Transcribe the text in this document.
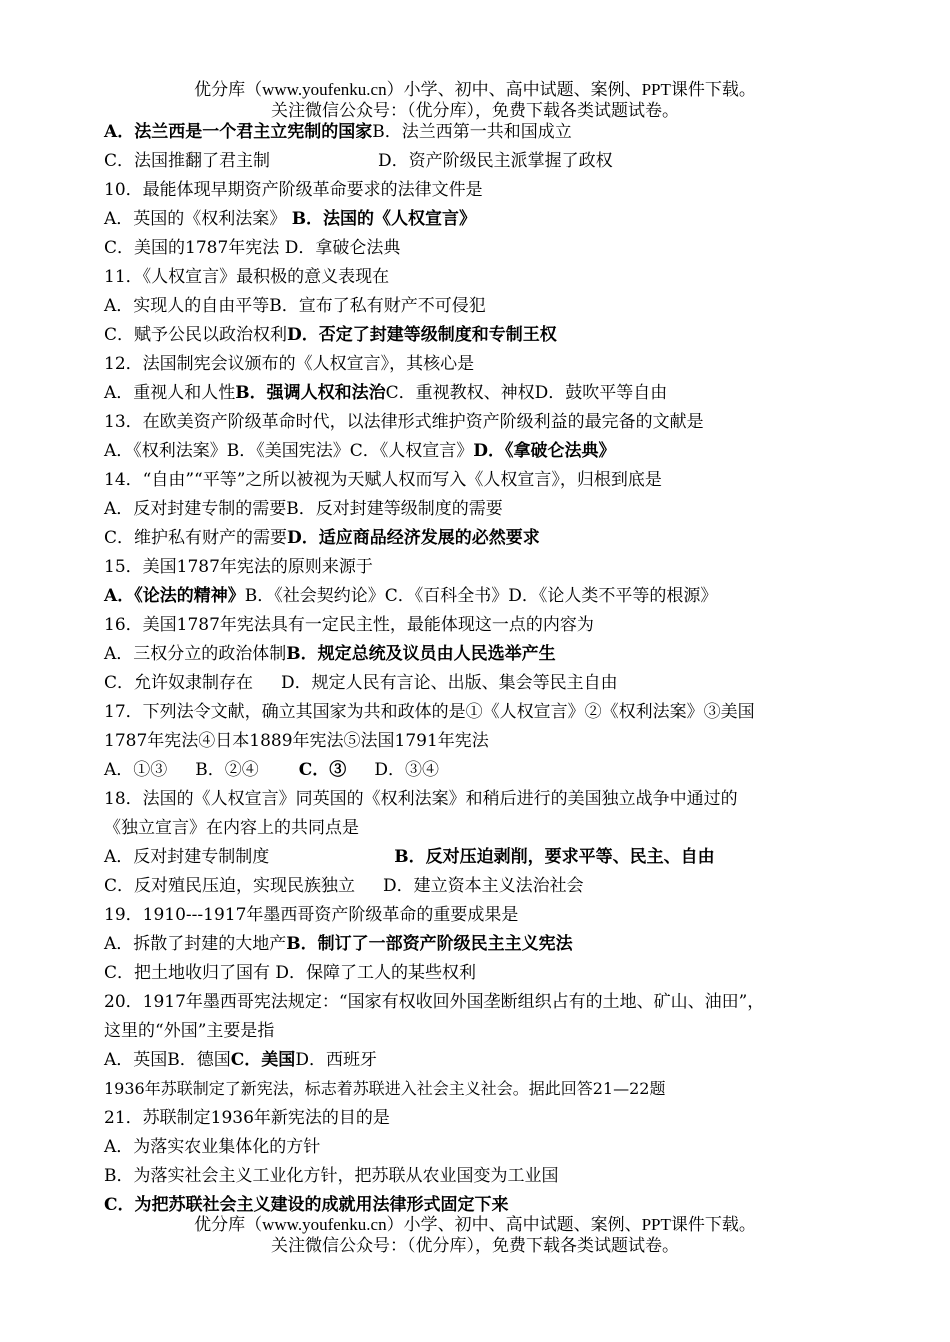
优分库（www.youfenku.cn）小学、初中、高中试题、案例、PPT课件下载。
关注微信公众号：（优分库），免费下载各类试题试卷。
A．法兰西是一个君主立宪制的国家B．法兰西第一共和国成立
C．法国推翻了君主制	D．资产阶级民主派掌握了政权
10．最能体现早期资产阶级革命要求的法律文件是
A．英国的《权利法案》 B．法国的《人权宣言》
C．美国的1787年宪法 D．拿破仑法典
11．《人权宣言》最积极的意义表现在
A．实现人的自由平等B．宣布了私有财产不可侵犯
C．赋予公民以政治权利D．否定了封建等级制度和专制王权
12．法国制宪会议颁布的《人权宣言》，其核心是
A．重视人和人性B．强调人权和法治C．重视教权、神权D．鼓吹平等自由
13．在欧美资产阶级革命时代，以法律形式维护资产阶级利益的最完备的文献是
A．《权利法案》B．《美国宪法》C．《人权宣言》D．《拿破仑法典》
14．“自由”“平等”之所以被视为天赋人权而写入《人权宣言》，归根到底是
A．反对封建专制的需要B．反对封建等级制度的需要
C．维护私有财产的需要D．适应商品经济发展的必然要求
15．美国1787年宪法的原则来源于
A．《论法的精神》B．《社会契约论》C．《百科全书》D．《论人类不平等的根源》
16．美国1787年宪法具有一定民主性，最能体现这一点的内容为
A．三权分立的政治体制B．规定总统及议员由人民选举产生
C．允许奴隶制存在 D．规定人民有言论、出版、集会等民主自由
17．下列法令文献，确立其国家为共和政体的是①《人权宣言》②《权利法案》③美国
1787年宪法④日本1889年宪法⑤法国1791年宪法
A．①③ B．②④ C．③ D．③④
18．法国的《人权宣言》同英国的《权利法案》和稍后进行的美国独立战争中通过的
《独立宣言》在内容上的共同点是
A．反对封建专制制度	B．反对压迫剥削，要求平等、民主、自由
C．反对殖民压迫，实现民族独立 D．建立资本主义法治社会
19．1910---1917年墨西哥资产阶级革命的重要成果是
A．拆散了封建的大地产B．制订了一部资产阶级民主主义宪法
C．把土地收归了国有 D．保障了工人的某些权利
20．1917年墨西哥宪法规定：“国家有权收回外国垄断组织占有的土地、矿山、油田”，
这里的“外国”主要是指
A．英国B．德国C．美国D．西班牙
1936年苏联制定了新宪法，标志着苏联进入社会主义社会。据此回答21—22题
21．苏联制定1936年新宪法的目的是
A．为落实农业集体化的方针
B．为落实社会主义工业化方针，把苏联从农业国变为工业国
C．为把苏联社会主义建设的成就用法律形式固定下来
优分库（www.youfenku.cn）小学、初中、高中试题、案例、PPT课件下载。
关注微信公众号：（优分库），免费下载各类试题试卷。
